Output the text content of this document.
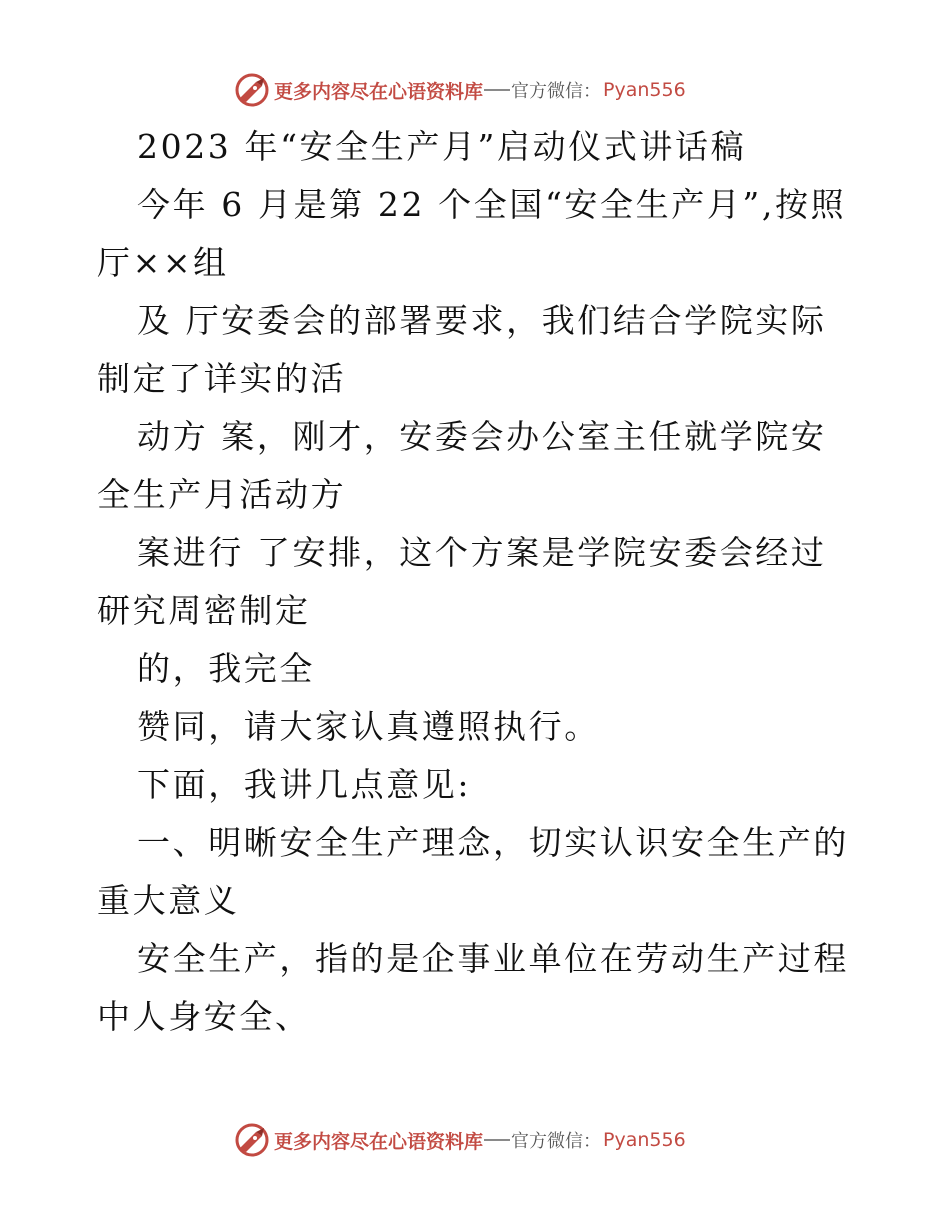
更多内容尽在心语资料库 官方微信： Pyan556

2023 年“安全生产月”启动仪式讲话稿

今年 6 月是第 22 个全国“安全生产月”,按照厅××组

及 厅安委会的部署要求，我们结合学院实际制定了详实的活

动方 案，刚才，安委会办公室主任就学院安全生产月活动方

案进行 了安排，这个方案是学院安委会经过研究周密制定

的，我完全

赞同，请大家认真遵照执行。

下面，我讲几点意见:

一、明晰安全生产理念，切实认识安全生产的重大意义

安全生产，指的是企事业单位在劳动生产过程中人身安全、

更多内容尽在心语资料库 官方微信： Pyan556
